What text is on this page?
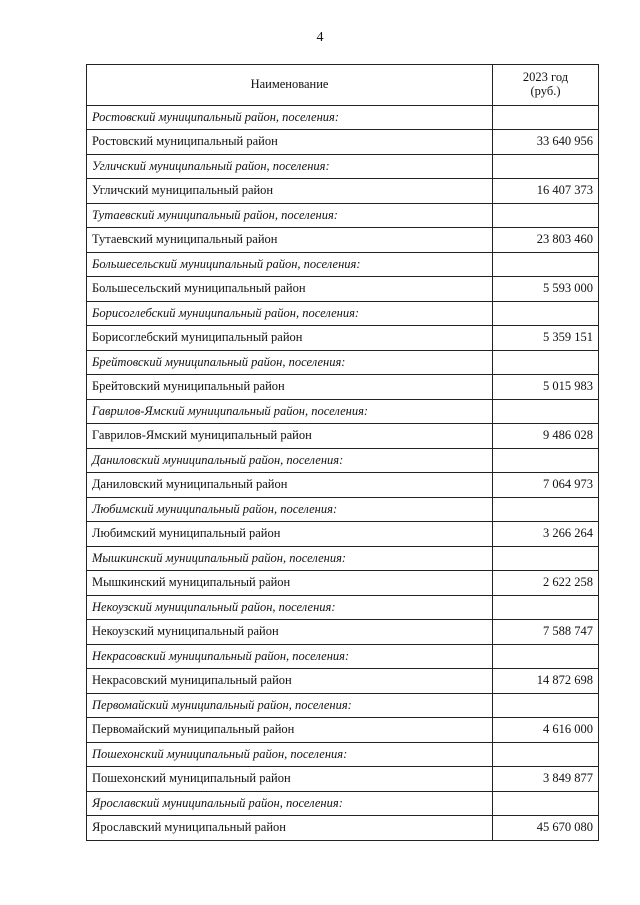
4
Наименование	2023 год
(руб.)
Ростовский муниципальный район, поселения:	
Ростовский муниципальный район	33 640 956
Угличский муниципальный район, поселения:	
Угличский муниципальный район	16 407 373
Тутаевский муниципальный район, поселения:	
Тутаевский муниципальный район	23 803 460
Большесельский муниципальный район, поселения:	
Большесельский муниципальный район	5 593 000
Борисоглебский муниципальный район, поселения:	
Борисоглебский муниципальный район	5 359 151
Брейтовский муниципальный район, поселения:	
Брейтовский муниципальный район	5 015 983
Гаврилов-Ямский муниципальный район, поселения:	
Гаврилов-Ямский муниципальный район	9 486 028
Даниловский муниципальный район, поселения:	
Даниловский муниципальный район	7 064 973
Любимский муниципальный район, поселения:	
Любимский муниципальный район	3 266 264
Мышкинский муниципальный район, поселения:	
Мышкинский муниципальный район	2 622 258
Некоузский муниципальный район, поселения:	
Некоузский муниципальный район	7 588 747
Некрасовский муниципальный район, поселения:	
Некрасовский муниципальный район	14 872 698
Первомайский муниципальный район, поселения:	
Первомайский муниципальный район	4 616 000
Пошехонский муниципальный район, поселения:	
Пошехонский муниципальный район	3 849 877
Ярославский муниципальный район, поселения:	
Ярославский муниципальный район	45 670 080
